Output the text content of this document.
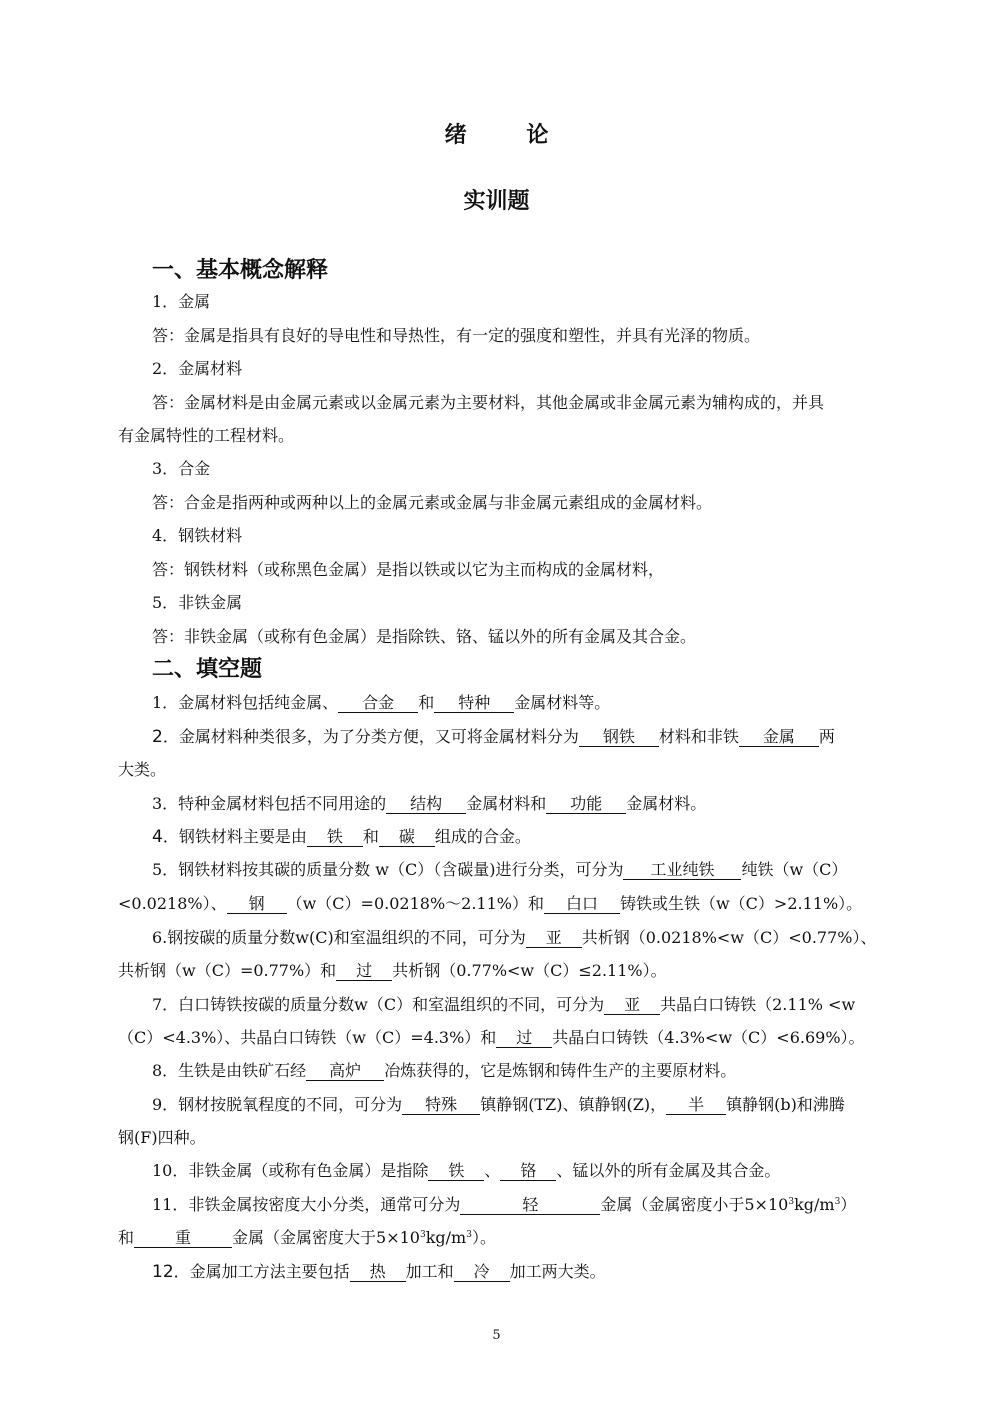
绪 论
实训题
一、基本概念解释
1．金属
答：金属是指具有良好的导电性和导热性，有一定的强度和塑性，并具有光泽的物质。
2．金属材料
答：金属材料是由金属元素或以金属元素为主要材料，其他金属或非金属元素为辅构成的，并具
有金属特性的工程材料。
3．合金
答：合金是指两种或两种以上的金属元素或金属与非金属元素组成的金属材料。
4．钢铁材料
答：钢铁材料（或称黑色金属）是指以铁或以它为主而构成的金属材料，
5．非铁金属
答：非铁金属（或称有色金属）是指除铁、铬、锰以外的所有金属及其合金。
二、填空题
1．金属材料包括纯金属、 合金 和 特种 金属材料等。
2．金属材料种类很多，为了分类方便，又可将金属材料分为 钢铁 材料和非铁 金属 两
大类。
3．特种金属材料包括不同用途的 结构 金属材料和 功能 金属材料。
4．钢铁材料主要是由 铁 和 碳 组成的合金。
5．钢铁材料按其碳的质量分数 w（C）（含碳量)进行分类，可分为 工业纯铁 纯铁（w（C）
<0.0218%）、 钢 （w（C）=0.0218%～2.11%）和 白口 铸铁或生铁（w（C）>2.11%）。
6.钢按碳的质量分数w(C)和室温组织的不同，可分为 亚 共析钢（0.0218%<w（C）<0.77%）、
共析钢（w（C）=0.77%）和 过 共析钢（0.77%<w（C）≤2.11%）。
7．白口铸铁按碳的质量分数w（C）和室温组织的不同，可分为 亚 共晶白口铸铁（2.11% <w
（C）<4.3%）、共晶白口铸铁（w（C）=4.3%）和 过 共晶白口铸铁（4.3%<w（C）<6.69%）。
8．生铁是由铁矿石经 高炉 冶炼获得的，它是炼钢和铸件生产的主要原材料。
9．钢材按脱氧程度的不同，可分为 特殊 镇静钢(TZ)、镇静钢(Z)， 半 镇静钢(b)和沸腾
钢(F)四种。
10．非铁金属（或称有色金属）是指除 铁 、 铬 、锰以外的所有金属及其合金。
11．非铁金属按密度大小分类，通常可分为	轻	金属（金属密度小于$5\times 10^3kg/m^3$）
和	重	金属（金属密度大于$5\times 10^3kg/m^3$）。
12．金属加工方法主要包括 热 加工和 冷 加工两大类。
5
